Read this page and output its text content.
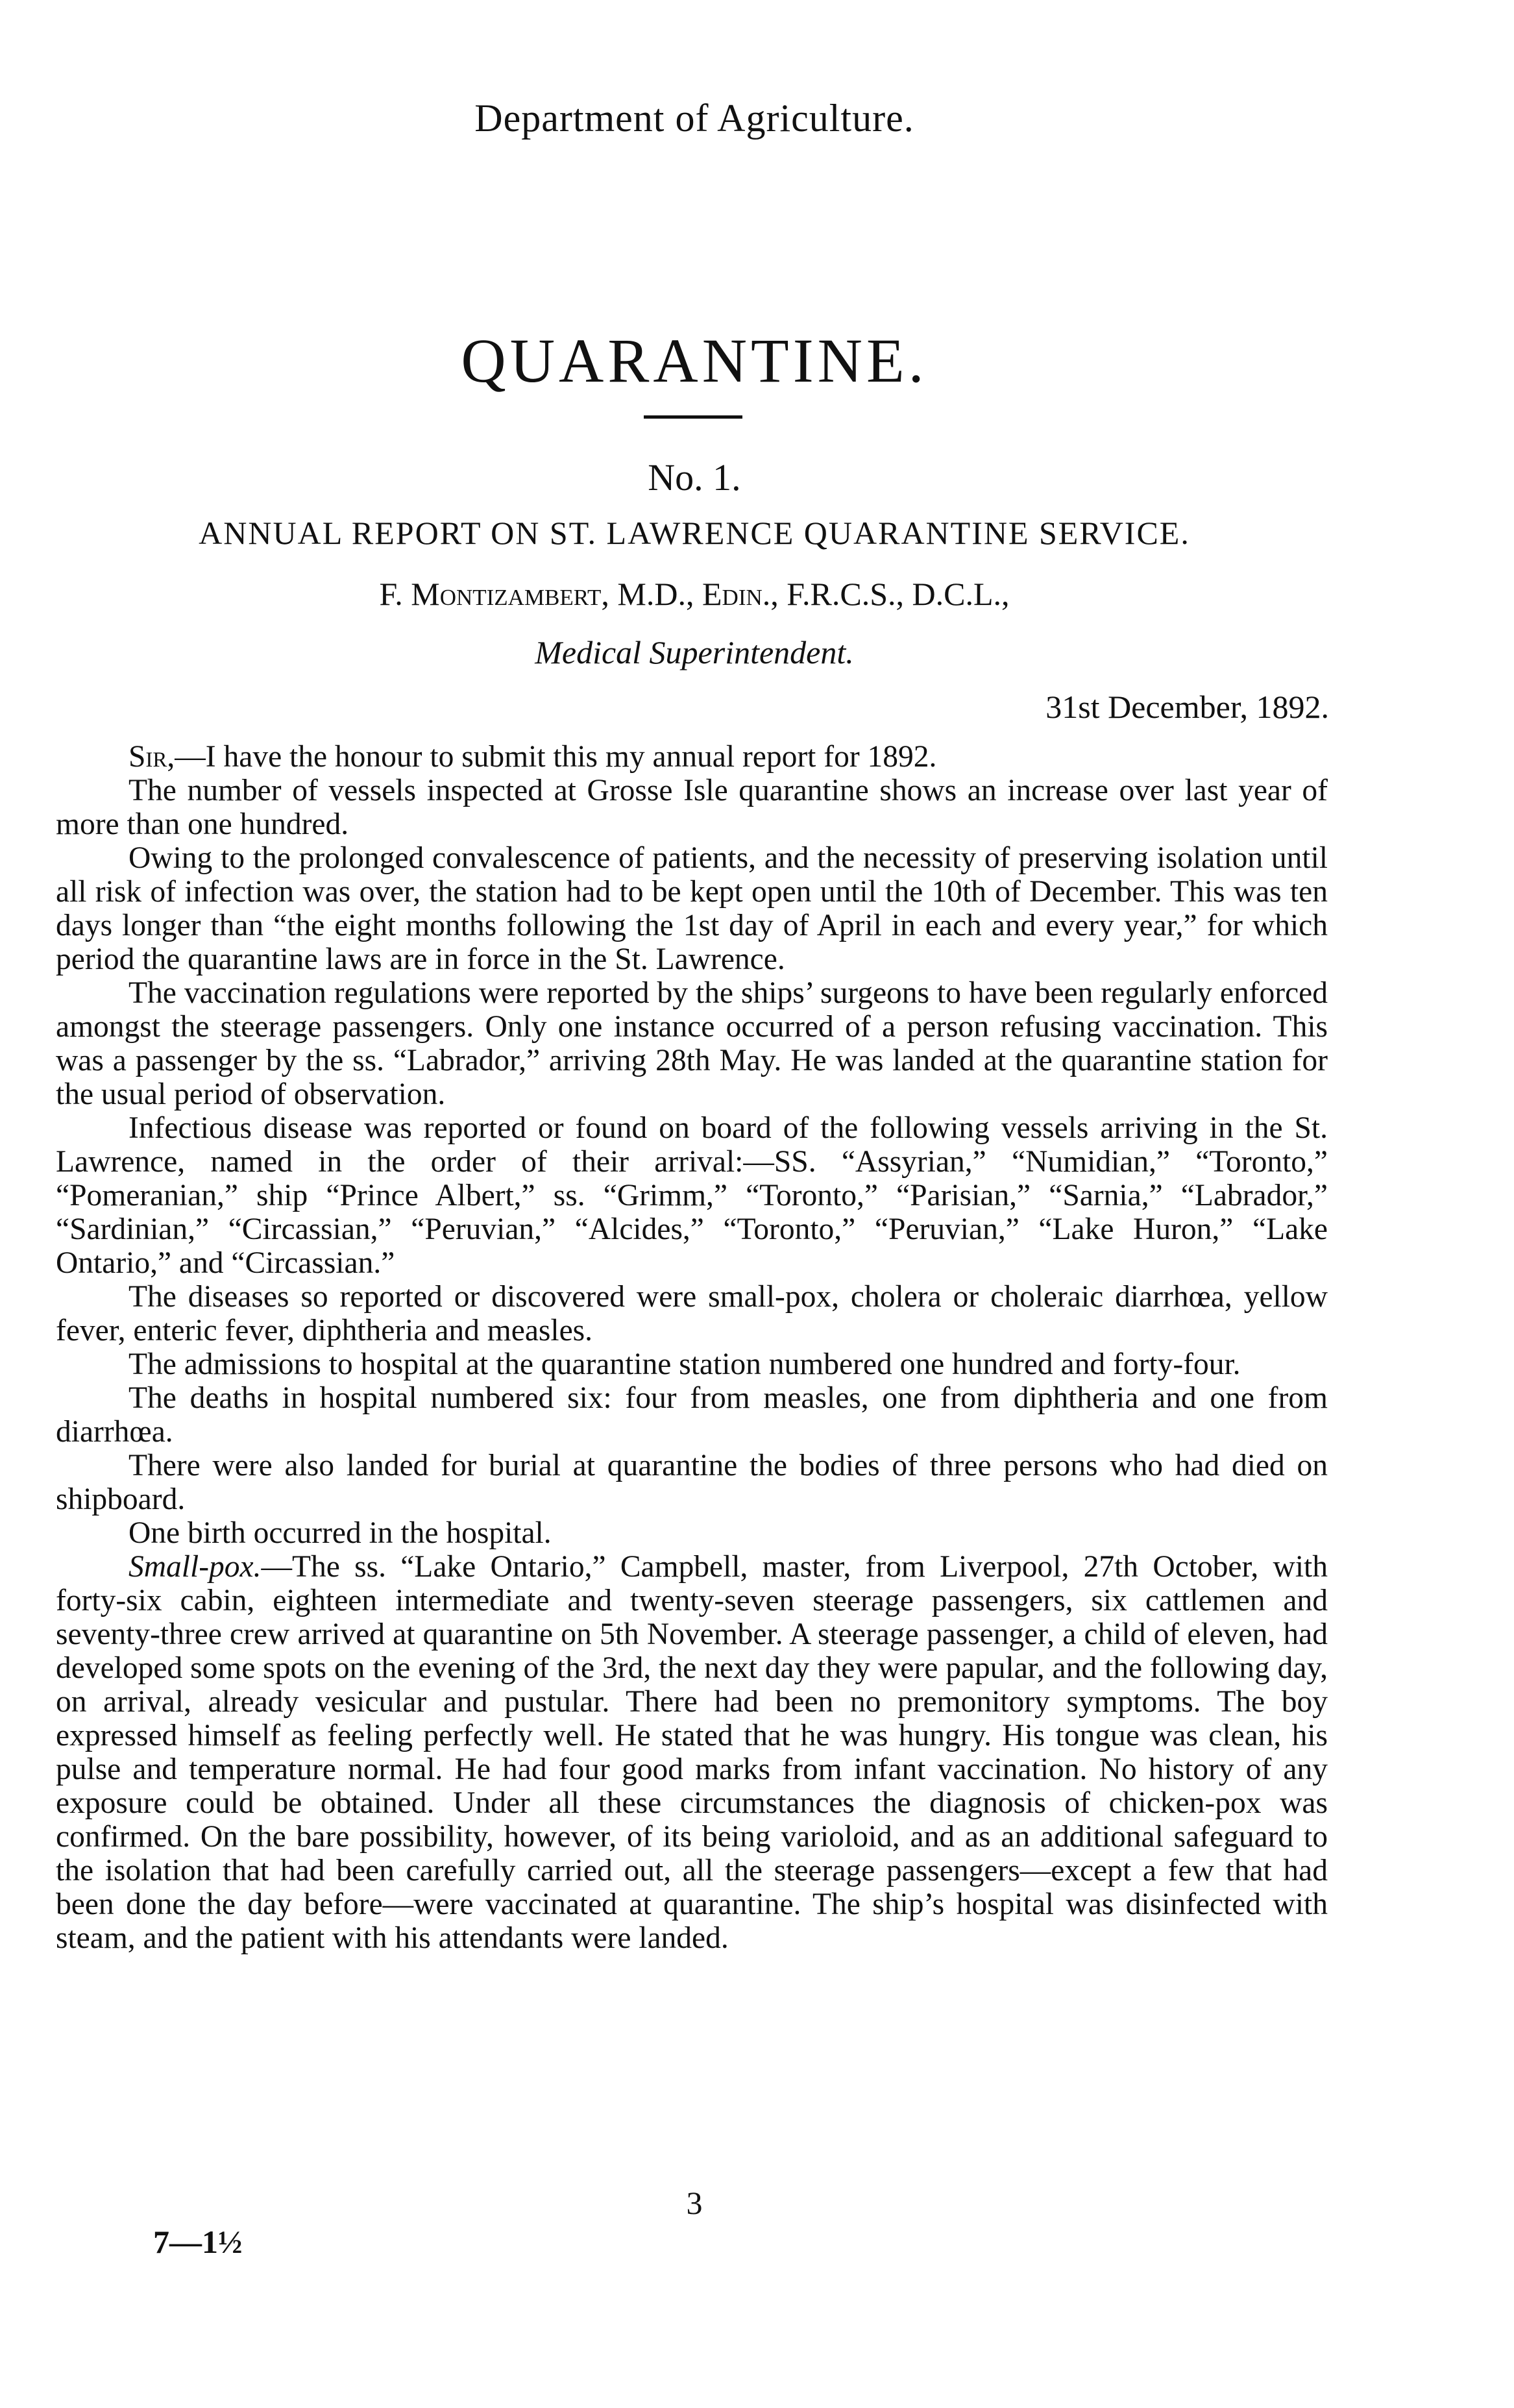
Department of Agriculture.
QUARANTINE.
No. 1.
ANNUAL REPORT ON ST. LAWRENCE QUARANTINE SERVICE.
F. Montizambert, M.D., Edin., F.R.C.S., D.C.L.,
Medical Superintendent.
31st December, 1892.

Sir,—I have the honour to submit this my annual report for 1892.

The number of vessels inspected at Grosse Isle quarantine shows an increase over last year of more than one hundred.

Owing to the prolonged convalescence of patients, and the necessity of preserving isolation until all risk of infection was over, the station had to be kept open until the 10th of December. This was ten days longer than “the eight months following the 1st day of April in each and every year,” for which period the quarantine laws are in force in the St. Lawrence.

The vaccination regulations were reported by the ships’ surgeons to have been regularly enforced amongst the steerage passengers. Only one instance occurred of a person refusing vaccination. This was a passenger by the ss. “Labrador,” arriving 28th May. He was landed at the quarantine station for the usual period of observation.

Infectious disease was reported or found on board of the following vessels arriving in the St. Lawrence, named in the order of their arrival:—SS. “Assyrian,” “Numidian,” “Toronto,” “Pomeranian,” ship “Prince Albert,” ss. “Grimm,” “Toronto,” “Parisian,” “Sarnia,” “Labrador,” “Sardinian,” “Circassian,” “Peruvian,” “Alcides,” “Toronto,” “Peruvian,” “Lake Huron,” “Lake Ontario,” and “Circassian.”

The diseases so reported or discovered were small-pox, cholera or choleraic diarrhœa, yellow fever, enteric fever, diphtheria and measles.

The admissions to hospital at the quarantine station numbered one hundred and forty-four.

The deaths in hospital numbered six: four from measles, one from diphtheria and one from diarrhœa.

There were also landed for burial at quarantine the bodies of three persons who had died on shipboard.

One birth occurred in the hospital.

Small-pox.—The ss. “Lake Ontario,” Campbell, master, from Liverpool, 27th October, with forty-six cabin, eighteen intermediate and twenty-seven steerage passengers, six cattlemen and seventy-three crew arrived at quarantine on 5th November. A steerage passenger, a child of eleven, had developed some spots on the evening of the 3rd, the next day they were papular, and the following day, on arrival, already vesicular and pustular. There had been no premonitory symptoms. The boy expressed himself as feeling perfectly well. He stated that he was hungry. His tongue was clean, his pulse and temperature normal. He had four good marks from infant vaccination. No history of any exposure could be obtained. Under all these circumstances the diagnosis of chicken-pox was confirmed. On the bare possibility, however, of its being varioloid, and as an additional safeguard to the isolation that had been carefully carried out, all the steerage passengers—except a few that had been done the day before—were vaccinated at quarantine. The ship’s hospital was disinfected with steam, and the patient with his attendants were landed.

3
7—1½
